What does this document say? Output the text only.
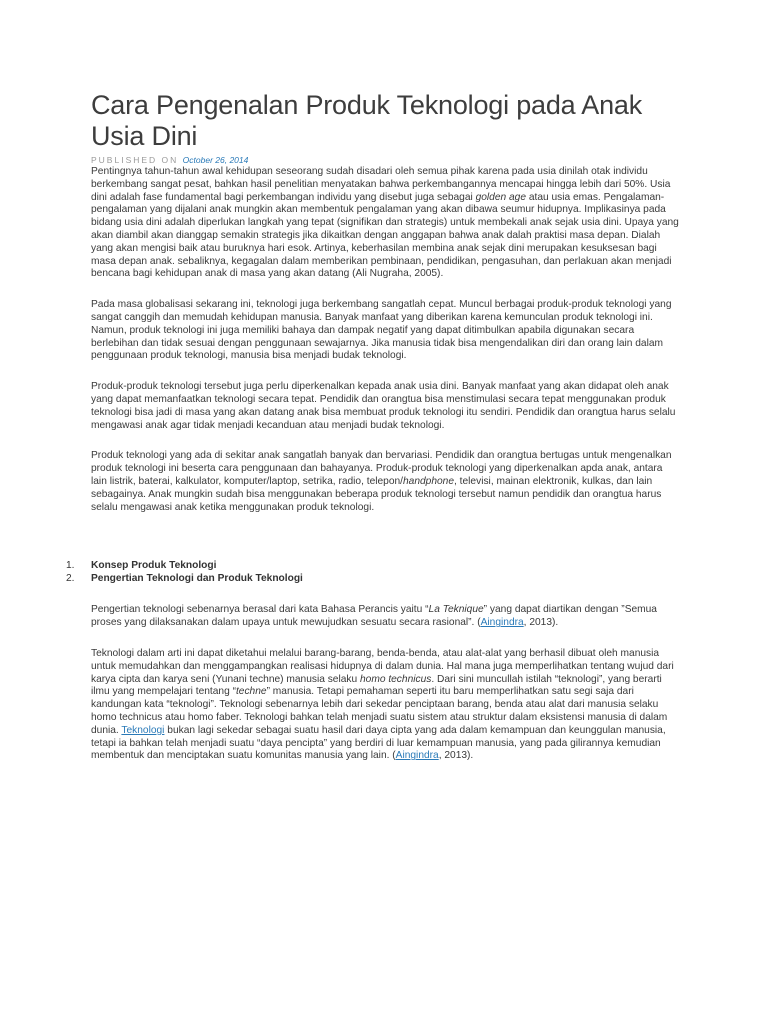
Cara Pengenalan Produk Teknologi pada Anak Usia Dini
PUBLISHED ON October 26, 2014

Pentingnya tahun-tahun awal kehidupan seseorang sudah disadari oleh semua pihak karena pada usia dinilah otak individu berkembang sangat pesat, bahkan hasil penelitian menyatakan bahwa perkembangannya mencapai hingga lebih dari 50%. Usia dini adalah fase fundamental bagi perkembangan individu yang disebut juga sebagai golden age atau usia emas. Pengalaman-pengalaman yang dijalani anak mungkin akan membentuk pengalaman yang akan dibawa seumur hidupnya. Implikasinya pada bidang usia dini adalah diperlukan langkah yang tepat (signifikan dan strategis) untuk membekali anak sejak usia dini. Upaya yang akan diambil akan dianggap semakin strategis jika dikaitkan dengan anggapan bahwa anak dalah praktisi masa depan. Dialah yang akan mengisi baik atau buruknya hari esok. Artinya, keberhasilan membina anak sejak dini merupakan kesuksesan bagi masa depan anak. sebaliknya, kegagalan dalam memberikan pembinaan, pendidikan, pengasuhan, dan perlakuan akan menjadi bencana bagi kehidupan anak di masa yang akan datang (Ali Nugraha, 2005).

Pada masa globalisasi sekarang ini, teknologi juga berkembang sangatlah cepat. Muncul berbagai produk-produk teknologi yang sangat canggih dan memudah kehidupan manusia. Banyak manfaat yang diberikan karena kemunculan produk teknologi ini. Namun, produk teknologi ini juga memiliki bahaya dan dampak negatif yang dapat ditimbulkan apabila digunakan secara berlebihan dan tidak sesuai dengan penggunaan sewajarnya. Jika manusia tidak bisa mengendalikan diri dan orang lain dalam penggunaan produk teknologi, manusia bisa menjadi budak teknologi.

Produk-produk teknologi tersebut juga perlu diperkenalkan kepada anak usia dini. Banyak manfaat yang akan didapat oleh anak yang dapat memanfaatkan teknologi secara tepat. Pendidik dan orangtua bisa menstimulasi secara tepat menggunakan produk teknologi bisa jadi di masa yang akan datang anak bisa membuat produk teknologi itu sendiri. Pendidik dan orangtua harus selalu mengawasi anak agar tidak menjadi kecanduan atau menjadi budak teknologi.

Produk teknologi yang ada di sekitar anak sangatlah banyak dan bervariasi. Pendidik dan orangtua bertugas untuk mengenalkan produk teknologi ini beserta cara penggunaan dan bahayanya. Produk-produk teknologi yang diperkenalkan apda anak, antara lain listrik, baterai, kalkulator, komputer/laptop, setrika, radio, telepon/handphone, televisi, mainan elektronik, kulkas, dan lain sebagainya. Anak mungkin sudah bisa menggunakan beberapa produk teknologi tersebut namun pendidik dan orangtua harus selalu mengawasi anak ketika menggunakan produk teknologi.

1. Konsep Produk Teknologi
2. Pengertian Teknologi dan Produk Teknologi

Pengertian teknologi sebenarnya berasal dari kata Bahasa Perancis yaitu “La Teknique” yang dapat diartikan dengan ”Semua proses yang dilaksanakan dalam upaya untuk mewujudkan sesuatu secara rasional”. (Aingindra, 2013).

Teknologi dalam arti ini dapat diketahui melalui barang-barang, benda-benda, atau alat-alat yang berhasil dibuat oleh manusia untuk memudahkan dan menggampangkan realisasi hidupnya di dalam dunia. Hal mana juga memperlihatkan tentang wujud dari karya cipta dan karya seni (Yunani techne) manusia selaku homo technicus. Dari sini muncullah istilah “teknologi”, yang berarti ilmu yang mempelajari tentang “techne” manusia. Tetapi pemahaman seperti itu baru memperlihatkan satu segi saja dari kandungan kata “teknologi”. Teknologi sebenarnya lebih dari sekedar penciptaan barang, benda atau alat dari manusia selaku homo technicus atau homo faber. Teknologi bahkan telah menjadi suatu sistem atau struktur dalam eksistensi manusia di dalam dunia. Teknologi bukan lagi sekedar sebagai suatu hasil dari daya cipta yang ada dalam kemampuan dan keunggulan manusia, tetapi ia bahkan telah menjadi suatu “daya pencipta” yang berdiri di luar kemampuan manusia, yang pada gilirannya kemudian membentuk dan menciptakan suatu komunitas manusia yang lain. (Aingindra, 2013).
